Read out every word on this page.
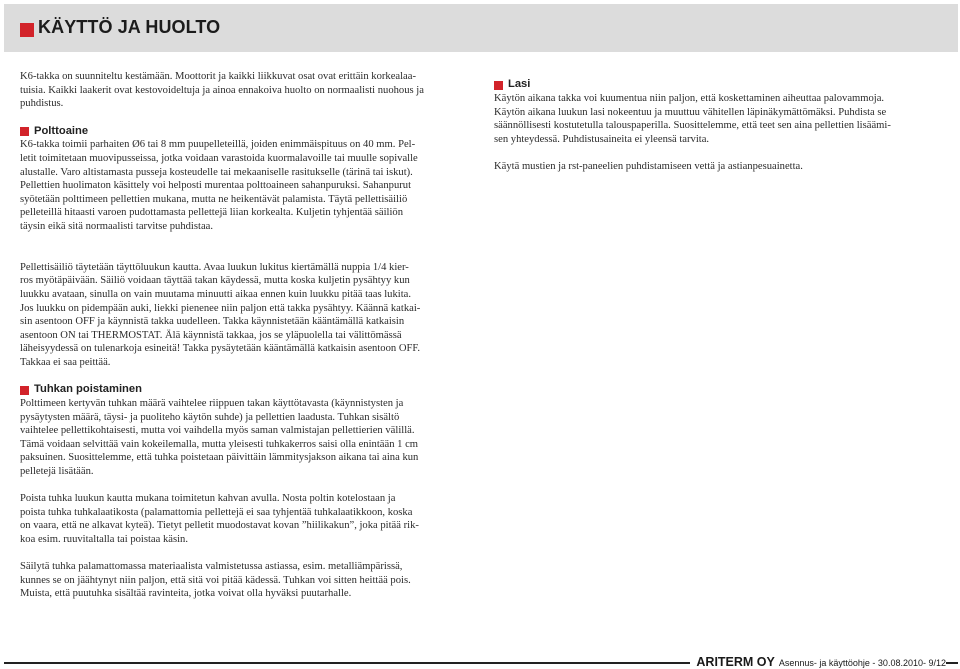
KÄYTTÖ JA HUOLTO

K6-takka on suunniteltu kestämään. Moottorit ja kaikki liikkuvat osat ovat erittäin korkealaa-
tuisia. Kaikki laakerit ovat kestovoideltuja ja ainoa ennakoiva huolto on normaalisti nuohous ja
puhdistus.

Polttoaine

K6-takka toimii parhaiten Ø6 tai 8 mm puupelleteillä, joiden enimmäispituus on 40 mm. Pel-
letit toimitetaan muovipusseissa, jotka voidaan varastoida kuormalavoille tai muulle sopivalle
alustalle. Varo altistamasta pusseja kosteudelle tai mekaaniselle rasitukselle (tärinä tai iskut).
Pellettien huolimaton käsittely voi helposti murentaa polttoaineen sahanpuruksi. Sahanpurut
syötetään polttimeen pellettien mukana, mutta ne heikentävät palamista. Täytä pellettisäiliö
pelleteillä hitaasti varoen pudottamasta pellettejä liian korkealta. Kuljetin tyhjentää säiliön
täysin eikä sitä normaalisti tarvitse puhdistaa.

Pellettisäiliö täytetään täyttöluukun kautta. Avaa luukun lukitus kiertämällä nuppia 1/4 kier-
ros myötäpäivään. Säiliö voidaan täyttää takan käydessä, mutta koska kuljetin pysähtyy kun
luukku avataan, sinulla on vain muutama minuutti aikaa ennen kuin luukku pitää taas lukita.
Jos luukku on pidempään auki, liekki pienenee niin paljon että takka pysähtyy. Käännä katkai-
sin asentoon OFF ja käynnistä takka uudelleen. Takka käynnistetään kääntämällä katkaisin
asentoon ON tai THERMOSTAT. Älä käynnistä takkaa, jos se yläpuolella tai välittömässä
läheisyydessä on tulenarkoja esineitä! Takka pysäytetään kääntämällä katkaisin asentoon OFF.
Takkaa ei saa peittää.

Tuhkan poistaminen

Polttimeen kertyvän tuhkan määrä vaihtelee riippuen takan käyttötavasta (käynnistysten ja
pysäytysten määrä, täysi- ja puoliteho käytön suhde) ja pellettien laadusta. Tuhkan sisältö
vaihtelee pellettikohtaisesti, mutta voi vaihdella myös saman valmistajan pellettierien välillä.
Tämä voidaan selvittää vain kokeilemalla, mutta yleisesti tuhkakerros saisi olla enintään 1 cm
paksuinen. Suosittelemme, että tuhka poistetaan päivittäin lämmitysjakson aikana tai aina kun
pelletejä lisätään.

Poista tuhka luukun kautta mukana toimitetun kahvan avulla. Nosta poltin kotelostaan ja
poista tuhka tuhkalaatikosta (palamattomia pellettejä ei saa tyhjentää tuhkalaatikkoon, koska
on vaara, että ne alkavat kyteä). Tietyt pelletit muodostavat kovan ”hiilikakun”, joka pitää rik-
koa esim. ruuvitaltalla tai poistaa käsin.

Säilytä tuhka palamattomassa materiaalista valmistetussa astiassa, esim. metalliämpärissä,
kunnes se on jäähtynyt niin paljon, että sitä voi pitää kädessä. Tuhkan voi sitten heittää pois.
Muista, että puutuhka sisältää ravinteita, jotka voivat olla hyväksi puutarhalle.

Lasi

Käytön aikana takka voi kuumentua niin paljon, että koskettaminen aiheuttaa palovammoja.
Käytön aikana luukun lasi nokeentuu ja muuttuu vähitellen läpinäkymättömäksi. Puhdista se
säännöllisesti kostutetulla talouspaperilla. Suosittelemme, että teet sen aina pellettien lisäämi-
sen yhteydessä. Puhdistusaineita ei yleensä tarvita.

Käytä mustien ja rst-paneelien puhdistamiseen vettä ja astianpesuainetta.

ARITERM OY Asennus- ja käyttöohje - 30.08.2010- 9/12
